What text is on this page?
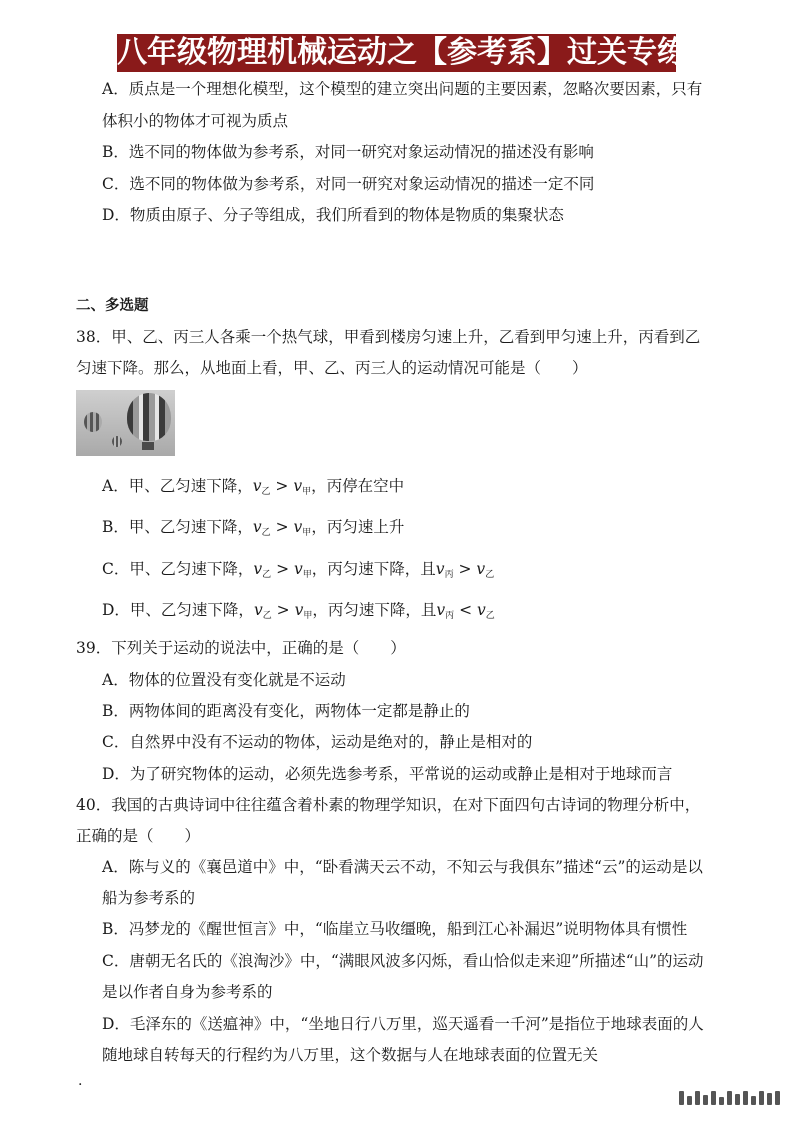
八年级物理机械运动之【参考系】过关专练
A．质点是一个理想化模型，这个模型的建立突出问题的主要因素，忽略次要因素，只有
体积小的物体才可视为质点
B．选不同的物体做为参考系，对同一研究对象运动情况的描述没有影响
C．选不同的物体做为参考系，对同一研究对象运动情况的描述一定不同
D．物质由原子、分子等组成，我们所看到的物体是物质的集聚状态
二、多选题
38．甲、乙、丙三人各乘一个热气球，甲看到楼房匀速上升，乙看到甲匀速上升，丙看到乙
匀速下降。那么，从地面上看，甲、乙、丙三人的运动情况可能是（　　）
A．甲、乙匀速下降，$v_乙 > v_甲$，丙停在空中
B．甲、乙匀速下降，$v_乙 > v_甲$，丙匀速上升
C．甲、乙匀速下降，$v_乙 > v_甲$，丙匀速下降，且$v_丙 > v_乙$
D．甲、乙匀速下降，$v_乙 > v_甲$，丙匀速下降，且$v_丙 < v_乙$
39．下列关于运动的说法中，正确的是（　　）
A．物体的位置没有变化就是不运动
B．两物体间的距离没有变化，两物体一定都是静止的
C．自然界中没有不运动的物体，运动是绝对的，静止是相对的
D．为了研究物体的运动，必须先选参考系，平常说的运动或静止是相对于地球而言
40．我国的古典诗词中往往蕴含着朴素的物理学知识，在对下面四句古诗词的物理分析中，
正确的是（　　）
A．陈与义的《襄邑道中》中，“卧看满天云不动，不知云与我俱东”描述“云”的运动是以
船为参考系的
B．冯梦龙的《醒世恒言》中，“临崖立马收缰晚，船到江心补漏迟”说明物体具有惯性
C．唐朝无名氏的《浪淘沙》中，“满眼风波多闪烁，看山恰似走来迎”所描述“山”的运动
是以作者自身为参考系的
D．毛泽东的《送瘟神》中，“坐地日行八万里，巡天遥看一千河”是指位于地球表面的人
随地球自转每天的行程约为八万里，这个数据与人在地球表面的位置无关
.
